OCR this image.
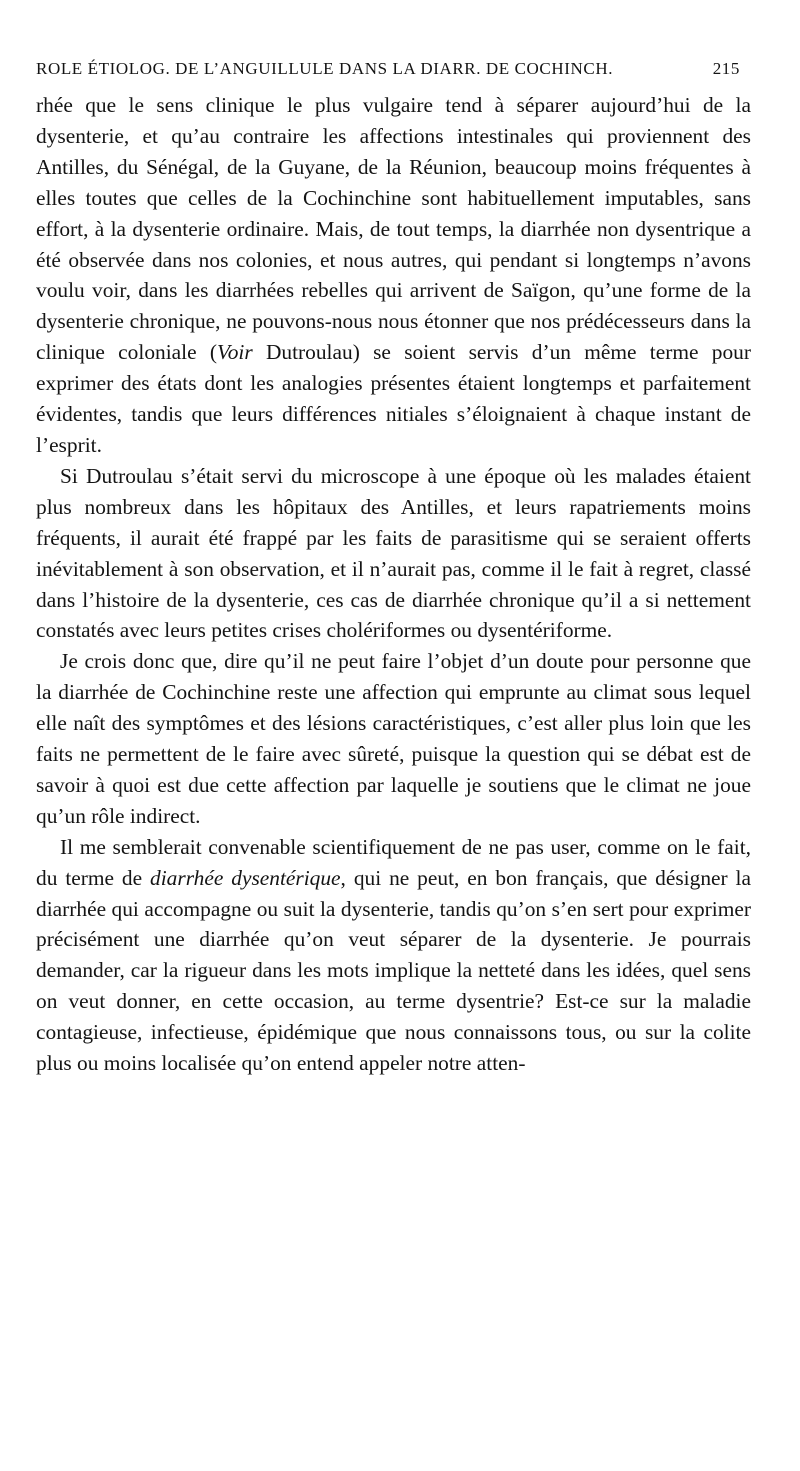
ROLE ÉTIOLOG. DE L’ANGUILLULE DANS LA DIARR. DE COCHINCH.	215

rhée que le sens clinique le plus vulgaire tend à séparer aujourd’hui de la dysenterie, et qu’au contraire les affections intestinales qui proviennent des Antilles, du Sénégal, de la Guyane, de la Réunion, beaucoup moins fréquentes à elles toutes que celles de la Cochinchine sont habituellement imputables, sans effort, à la dysenterie ordinaire. Mais, de tout temps, la diarrhée non dysentrique a été observée dans nos colonies, et nous autres, qui pendant si longtemps n’avons voulu voir, dans les diarrhées rebelles qui arrivent de Saïgon, qu’une forme de la dysenterie chronique, ne pouvons-nous nous étonner que nos prédécesseurs dans la clinique coloniale (Voir Dutroulau) se soient servis d’un même terme pour exprimer des états dont les analogies présentes étaient longtemps et parfaitement évidentes, tandis que leurs différences nitiales s’éloignaient à chaque instant de l’esprit.

Si Dutroulau s’était servi du microscope à une époque où les malades étaient plus nombreux dans les hôpitaux des Antilles, et leurs rapatriements moins fréquents, il aurait été frappé par les faits de parasitisme qui se seraient offerts inévitablement à son observation, et il n’aurait pas, comme il le fait à regret, classé dans l’histoire de la dysenterie, ces cas de diarrhée chronique qu’il a si nettement constatés avec leurs petites crises cholériformes ou dysentériforme.

Je crois donc que, dire qu’il ne peut faire l’objet d’un doute pour personne que la diarrhée de Cochinchine reste une affection qui emprunte au climat sous lequel elle naît des symptômes et des lésions caractéristiques, c’est aller plus loin que les faits ne permettent de le faire avec sûreté, puisque la question qui se débat est de savoir à quoi est due cette affection par laquelle je soutiens que le climat ne joue qu’un rôle indirect.

Il me semblerait convenable scientifiquement de ne pas user, comme on le fait, du terme de diarrhée dysentérique, qui ne peut, en bon français, que désigner la diarrhée qui accompagne ou suit la dysenterie, tandis qu’on s’en sert pour exprimer précisément une diarrhée qu’on veut séparer de la dysenterie. Je pourrais demander, car la rigueur dans les mots implique la netteté dans les idées, quel sens on veut donner, en cette occasion, au terme dysentrie? Est-ce sur la maladie contagieuse, infectieuse, épidémique que nous connaissons tous, ou sur la colite plus ou moins localisée qu’on entend appeler notre atten-
